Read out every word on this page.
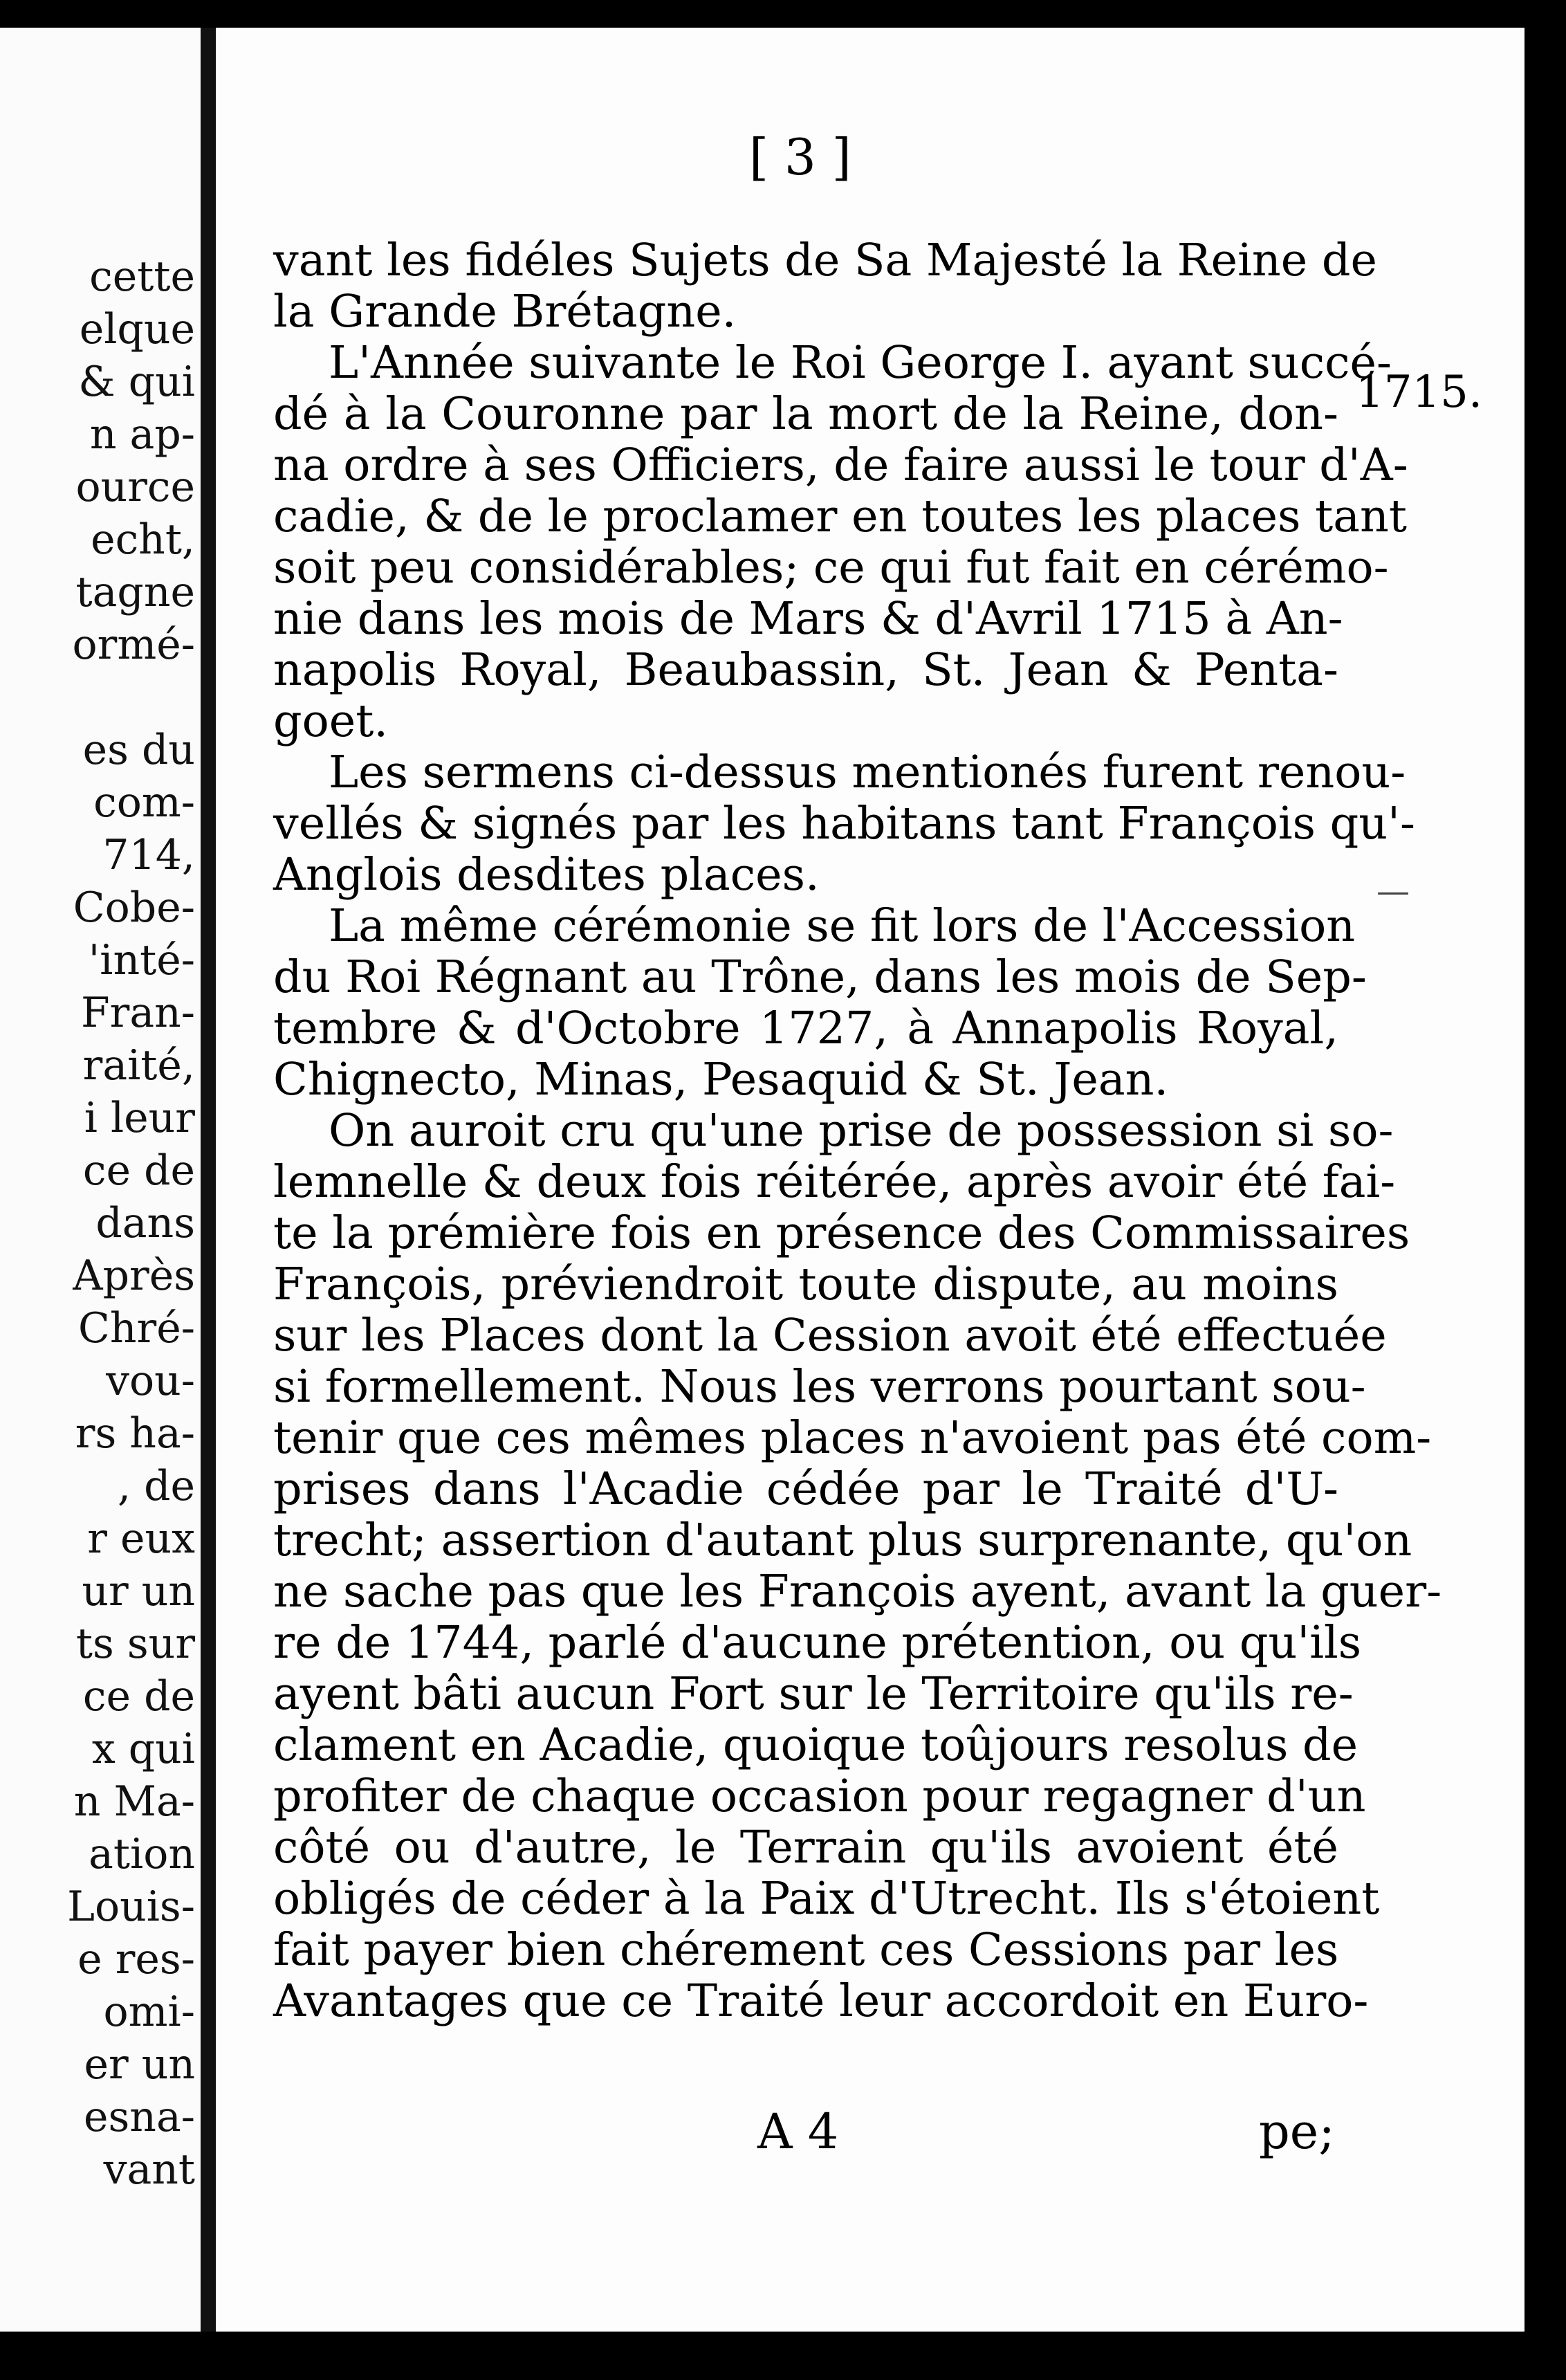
cette
elque
& qui
n ap-
ource
echt,
tagne
ormé-
es du
com-
714,
Cobe-
'inté-
Fran-
raité,
i leur
ce de
dans
Après
Chré-
vou-
rs ha-
, de
r eux
ur un
ts sur
ce de
x qui
n Ma-
ation
Louis-
e res-
omi-
er un
esna-
vant
[ 3 ]
1715.
—
vant les fidéles Sujets de Sa Majesté la Reine de
la Grande Brétagne.
L'Année suivante le Roi George I. ayant succé-
dé à la Couronne par la mort de la Reine, don-
na ordre à ses Officiers, de faire aussi le tour d'A-
cadie, & de le proclamer en toutes les places tant
soit peu considérables; ce qui fut fait en cérémo-
nie dans les mois de Mars & d'Avril 1715 à An-
napolis Royal, Beaubassin, St. Jean & Penta-
goet.
Les sermens ci-dessus mentionés furent renou-
vellés & signés par les habitans tant François qu'-
Anglois desdites places.
La même cérémonie se fit lors de l'Accession
du Roi Régnant au Trône, dans les mois de Sep-
tembre & d'Octobre 1727, à Annapolis Royal,
Chignecto, Minas, Pesaquid & St. Jean.
On auroit cru qu'une prise de possession si so-
lemnelle & deux fois réitérée, après avoir été fai-
te la prémière fois en présence des Commissaires
François, préviendroit toute dispute, au moins
sur les Places dont la Cession avoit été effectuée
si formellement. Nous les verrons pourtant sou-
tenir que ces mêmes places n'avoient pas été com-
prises dans l'Acadie cédée par le Traité d'U-
trecht; assertion d'autant plus surprenante, qu'on
ne sache pas que les François ayent, avant la guer-
re de 1744, parlé d'aucune prétention, ou qu'ils
ayent bâti aucun Fort sur le Territoire qu'ils re-
clament en Acadie, quoique toûjours resolus de
profiter de chaque occasion pour regagner d'un
côté ou d'autre, le Terrain qu'ils avoient été
obligés de céder à la Paix d'Utrecht. Ils s'étoient
fait payer bien chérement ces Cessions par les
Avantages que ce Traité leur accordoit en Euro-
A 4	pe;
